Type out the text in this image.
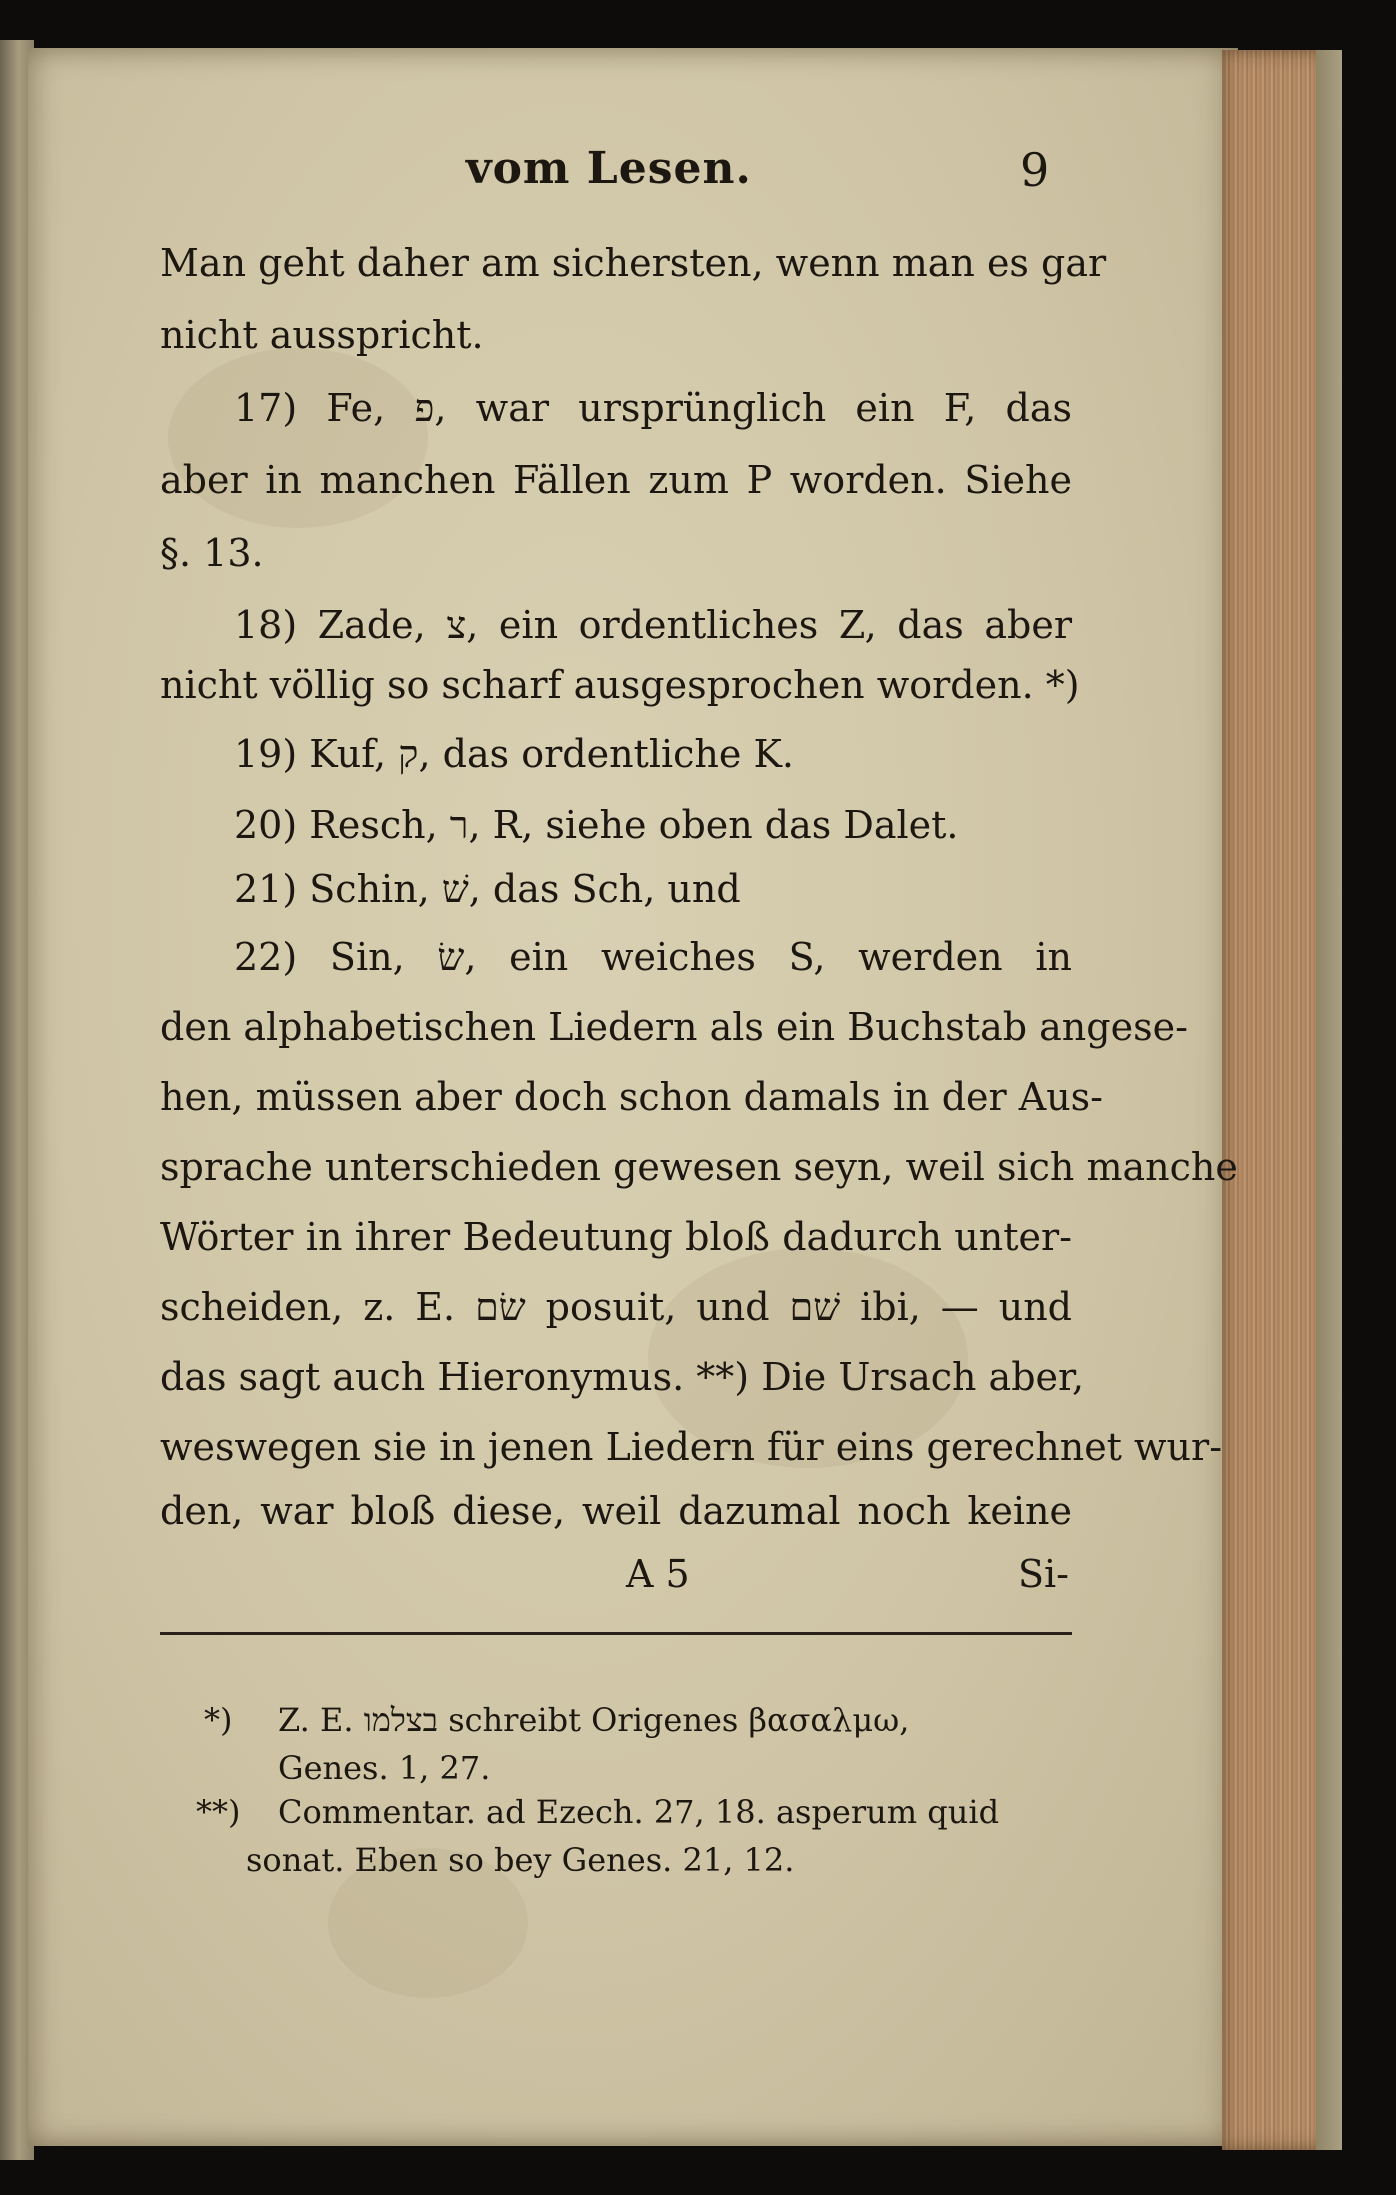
vom Lesen.	9
Man geht daher am sichersten, wenn man es gar
nicht ausspricht.
17) Fe, פ, war ursprünglich ein F, das
aber in manchen Fällen zum P worden. Siehe
§. 13.
18) Zade, צ, ein ordentliches Z, das aber
nicht völlig so scharf ausgesprochen worden. *)
19) Kuf, ק, das ordentliche K.
20) Resch, ר, R, siehe oben das Dalet.
21) Schin, שׁ, das Sch, und
22) Sin, שׂ, ein weiches S, werden in
den alphabetischen Liedern als ein Buchstab angese-
hen, müssen aber doch schon damals in der Aus-
sprache unterschieden gewesen seyn, weil sich manche
Wörter in ihrer Bedeutung bloß dadurch unter-
scheiden, z. E. שׂם posuit, und שׁם ibi, — und
das sagt auch Hieronymus. **) Die Ursach aber,
weswegen sie in jenen Liedern für eins gerechnet wur-
den, war bloß diese, weil dazumal noch keine
A 5	Si-
*) Z. E. בצלמו schreibt Origenes βασαλμω,
Genes. 1, 27.
**) Commentar. ad Ezech. 27, 18. asperum quid
sonat. Eben so bey Genes. 21, 12.
